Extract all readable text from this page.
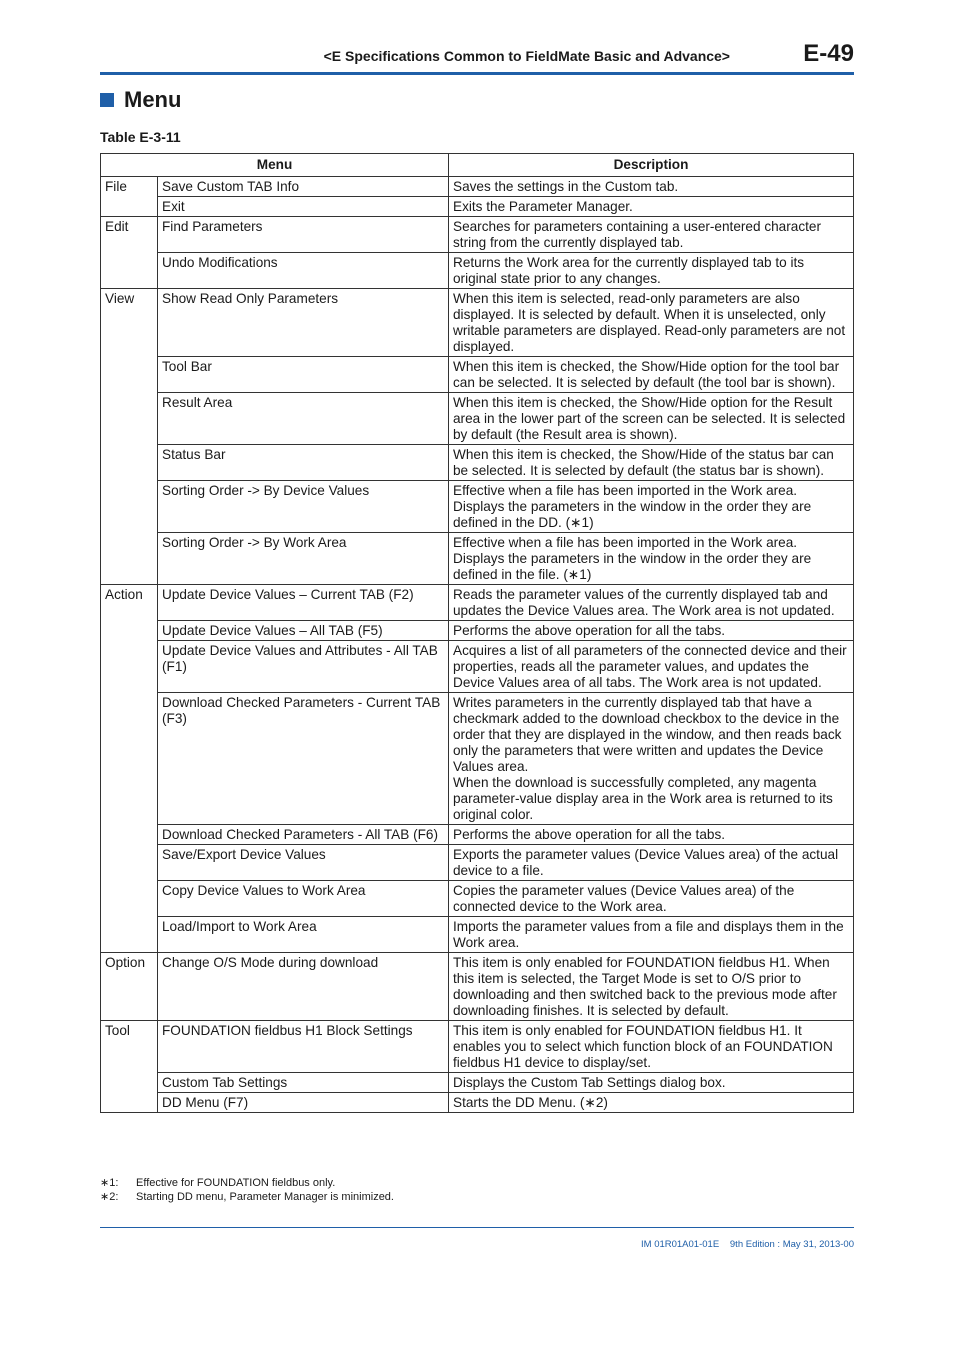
<E Specifications Common to FieldMate Basic and Advance>	E-49
Menu
Table E-3-11
Menu		Description
File	Save Custom TAB Info	Saves the settings in the Custom tab.
	Exit	Exits the Parameter Manager.
Edit	Find Parameters	Searches for parameters containing a user-entered character string from the currently displayed tab.
	Undo Modifications	Returns the Work area for the currently displayed tab to its original state prior to any changes.
View	Show Read Only Parameters	When this item is selected, read-only parameters are also displayed. It is selected by default. When it is unselected, only writable parameters are displayed. Read-only parameters are not displayed.
	Tool Bar	When this item is checked, the Show/Hide option for the tool bar can be selected. It is selected by default (the tool bar is shown).
	Result Area	When this item is checked, the Show/Hide option for the Result area in the lower part of the screen can be selected. It is selected by default (the Result area is shown).
	Status Bar	When this item is checked, the Show/Hide of the status bar can be selected. It is selected by default (the status bar is shown).
	Sorting Order -> By Device Values	Effective when a file has been imported in the Work area. Displays the parameters in the window in the order they are defined in the DD. (∗1)
	Sorting Order -> By Work Area	Effective when a file has been imported in the Work area. Displays the parameters in the window in the order they are defined in the file. (∗1)
Action	Update Device Values – Current TAB (F2)	Reads the parameter values of the currently displayed tab and updates the Device Values area. The Work area is not updated.
	Update Device Values – All TAB (F5)	Performs the above operation for all the tabs.
	Update Device Values and Attributes - All TAB (F1)	Acquires a list of all parameters of the connected device and their properties, reads all the parameter values, and updates the Device Values area of all tabs. The Work area is not updated.
	Download Checked Parameters - Current TAB (F3)	Writes parameters in the currently displayed tab that have a checkmark added to the download checkbox to the device in the order that they are displayed in the window, and then reads back only the parameters that were written and updates the Device Values area.
When the download is successfully completed, any magenta parameter-value display area in the Work area is returned to its original color.
	Download Checked Parameters - All TAB (F6)	Performs the above operation for all the tabs.
	Save/Export Device Values	Exports the parameter values (Device Values area) of the actual device to a file.
	Copy Device Values to Work Area	Copies the parameter values (Device Values area) of the connected device to the Work area.
	Load/Import to Work Area	Imports the parameter values from a file and displays them in the Work area.
Option	Change O/S Mode during download	This item is only enabled for FOUNDATION fieldbus H1. When this item is selected, the Target Mode is set to O/S prior to downloading and then switched back to the previous mode after downloading finishes. It is selected by default.
Tool	FOUNDATION fieldbus H1 Block Settings	This item is only enabled for FOUNDATION fieldbus H1. It enables you to select which function block of an FOUNDATION fieldbus H1 device to display/set.
	Custom Tab Settings	Displays the Custom Tab Settings dialog box.
	DD Menu (F7)	Starts the DD Menu. (∗2)
∗1:	Effective for FOUNDATION fieldbus only.
∗2:	Starting DD menu, Parameter Manager is minimized.
IM 01R01A01-01E 9th Edition : May 31, 2013-00
